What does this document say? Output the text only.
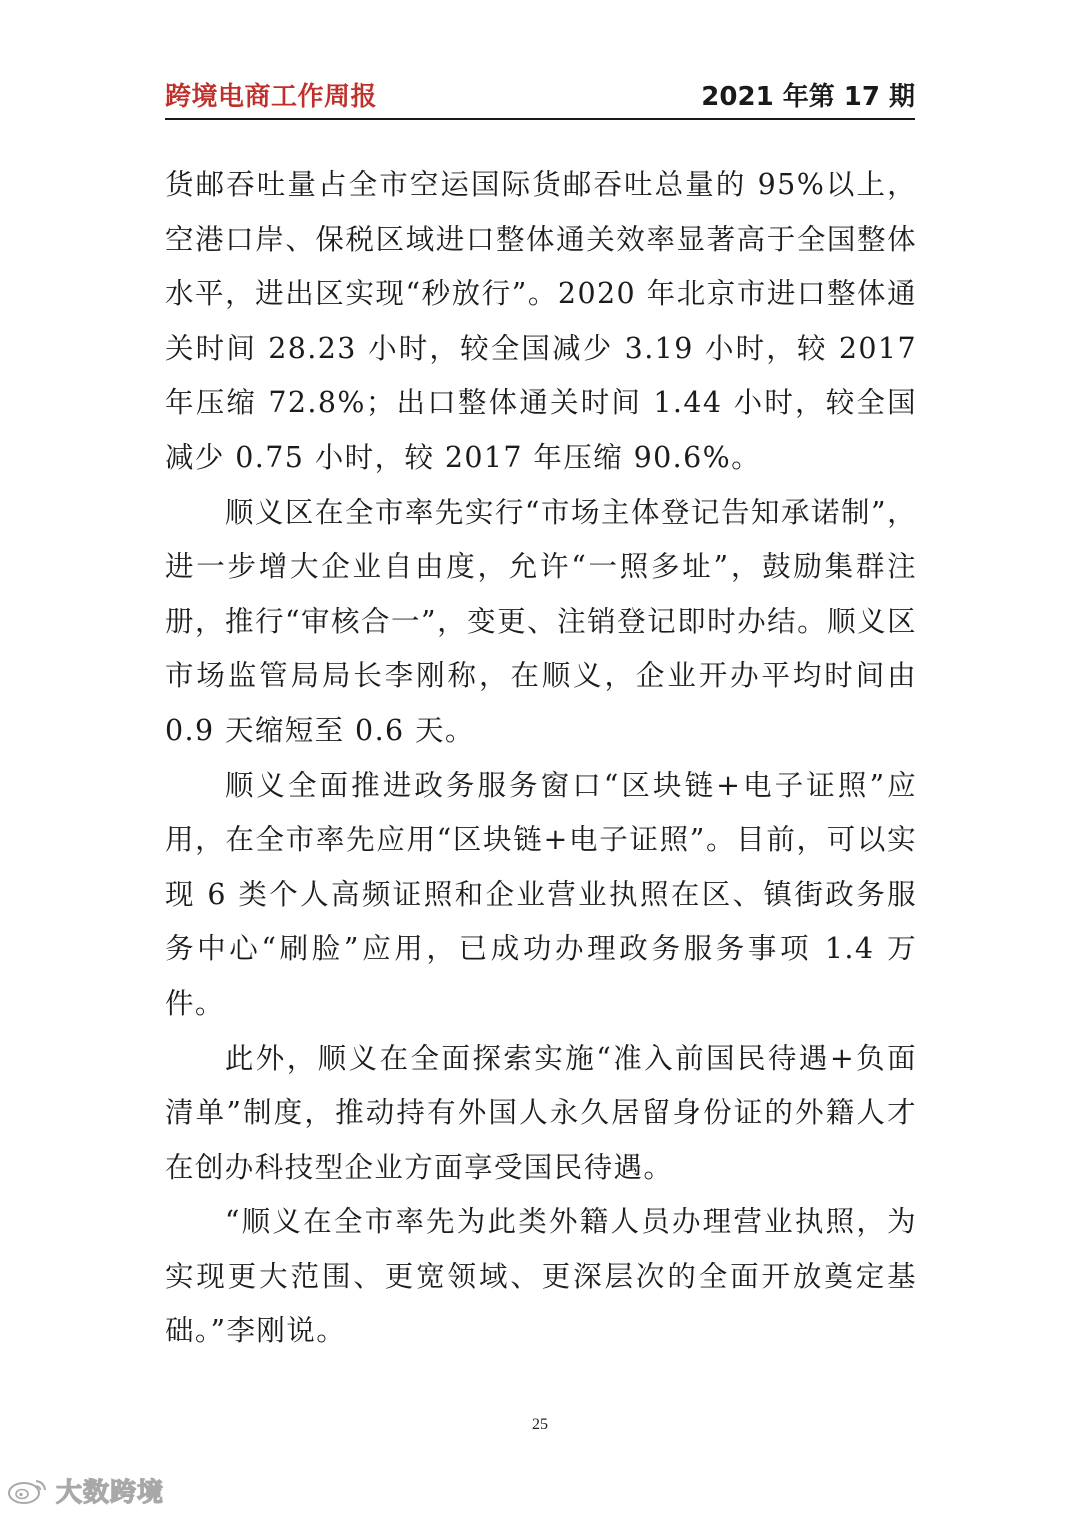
跨境电商工作周报	2021 年第 17 期

货邮吞吐量占全市空运国际货邮吞吐总量的 95%以上，空港口岸、保税区域进口整体通关效率显著高于全国整体水平，进出区实现“秒放行”。2020 年北京市进口整体通关时间 28.23 小时，较全国减少 3.19 小时，较 2017 年压缩 72.8%；出口整体通关时间 1.44 小时，较全国减少 0.75 小时，较 2017 年压缩 90.6%。

顺义区在全市率先实行“市场主体登记告知承诺制”，进一步增大企业自由度，允许“一照多址”，鼓励集群注册，推行“审核合一”，变更、注销登记即时办结。顺义区市场监管局局长李刚称，在顺义，企业开办平均时间由 0.9 天缩短至 0.6 天。

顺义全面推进政务服务窗口“区块链+电子证照”应用，在全市率先应用“区块链+电子证照”。目前，可以实现 6 类个人高频证照和企业营业执照在区、镇街政务服务中心“刷脸”应用，已成功办理政务服务事项 1.4 万件。

此外，顺义在全面探索实施“准入前国民待遇+负面清单”制度，推动持有外国人永久居留身份证的外籍人才在创办科技型企业方面享受国民待遇。

“顺义在全市率先为此类外籍人员办理营业执照，为实现更大范围、更宽领域、更深层次的全面开放奠定基础。”李刚说。

25
大数跨境
